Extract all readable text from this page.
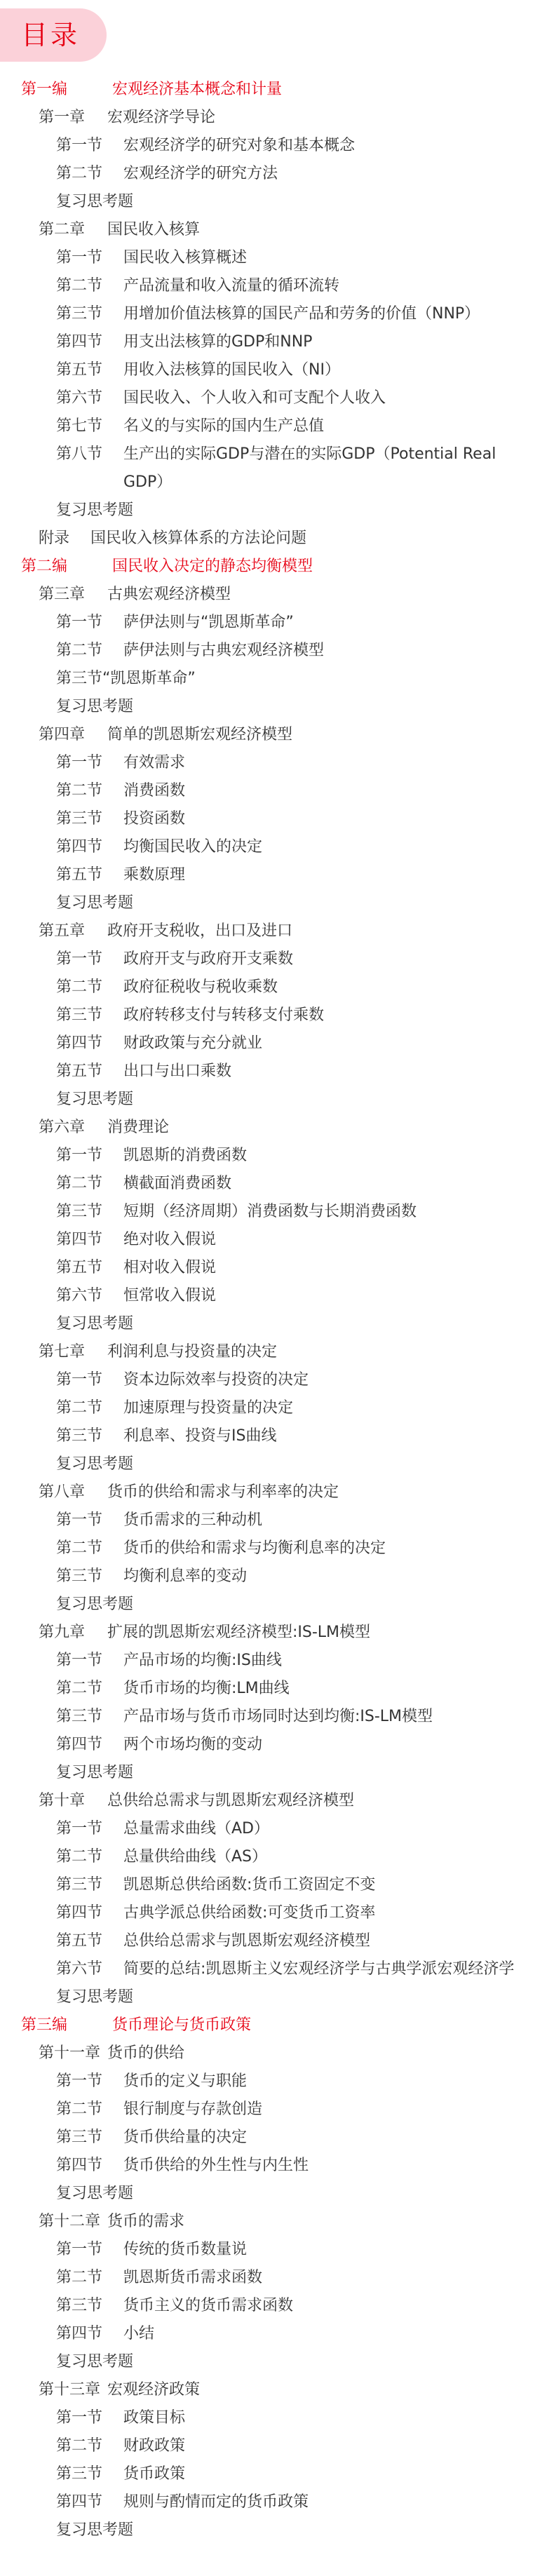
目录
第一编	宏观经济基本概念和计量
第一章 宏观经济学导论
第一节 宏观经济学的研究对象和基本概念
第二节 宏观经济学的研究方法
复习思考题
第二章 国民收入核算
第一节 国民收入核算概述
第二节 产品流量和收入流量的循环流转
第三节 用增加价值法核算的国民产品和劳务的价值（NNP）
第四节 用支出法核算的GDP和NNP
第五节 用收入法核算的国民收入（NI）
第六节 国民收入、个人收入和可支配个人收入
第七节 名义的与实际的国内生产总值
第八节 生产出的实际GDP与潜在的实际GDP（Potential Real GDP）
复习思考题
附录 国民收入核算体系的方法论问题
第二编	国民收入决定的静态均衡模型
第三章 古典宏观经济模型
第一节 萨伊法则与“凯恩斯革命”
第二节 萨伊法则与古典宏观经济模型
第三节“凯恩斯革命”
复习思考题
第四章 简单的凯恩斯宏观经济模型
第一节 有效需求
第二节 消费函数
第三节 投资函数
第四节 均衡国民收入的决定
第五节 乘数原理
复习思考题
第五章 政府开支税收，出口及进口
第一节 政府开支与政府开支乘数
第二节 政府征税收与税收乘数
第三节 政府转移支付与转移支付乘数
第四节 财政政策与充分就业
第五节 出口与出口乘数
复习思考题
第六章 消费理论
第一节 凯恩斯的消费函数
第二节 横截面消费函数
第三节 短期（经济周期）消费函数与长期消费函数
第四节 绝对收入假说
第五节 相对收入假说
第六节 恒常收入假说
复习思考题
第七章 利润利息与投资量的决定
第一节 资本边际效率与投资的决定
第二节 加速原理与投资量的决定
第三节 利息率、投资与IS曲线
复习思考题
第八章 货币的供给和需求与利率率的决定
第一节 货币需求的三种动机
第二节 货币的供给和需求与均衡利息率的决定
第三节 均衡利息率的变动
复习思考题
第九章 扩展的凯恩斯宏观经济模型:IS-LM模型
第一节 产品市场的均衡:IS曲线
第二节 货币市场的均衡:LM曲线
第三节 产品市场与货币市场同时达到均衡:IS-LM模型
第四节 两个市场均衡的变动
复习思考题
第十章 总供给总需求与凯恩斯宏观经济模型
第一节 总量需求曲线（AD）
第二节 总量供给曲线（AS）
第三节 凯恩斯总供给函数:货币工资固定不变
第四节 古典学派总供给函数:可变货币工资率
第五节 总供给总需求与凯恩斯宏观经济模型
第六节 简要的总结:凯恩斯主义宏观经济学与古典学派宏观经济学
复习思考题
第三编	货币理论与货币政策
第十一章 货币的供给
第一节 货币的定义与职能
第二节 银行制度与存款创造
第三节 货币供给量的决定
第四节 货币供给的外生性与内生性
复习思考题
第十二章 货币的需求
第一节 传统的货币数量说
第二节 凯恩斯货币需求函数
第三节 货币主义的货币需求函数
第四节 小结
复习思考题
第十三章 宏观经济政策
第一节 政策目标
第二节 财政政策
第三节 货币政策
第四节 规则与酌情而定的货币政策
复习思考题
